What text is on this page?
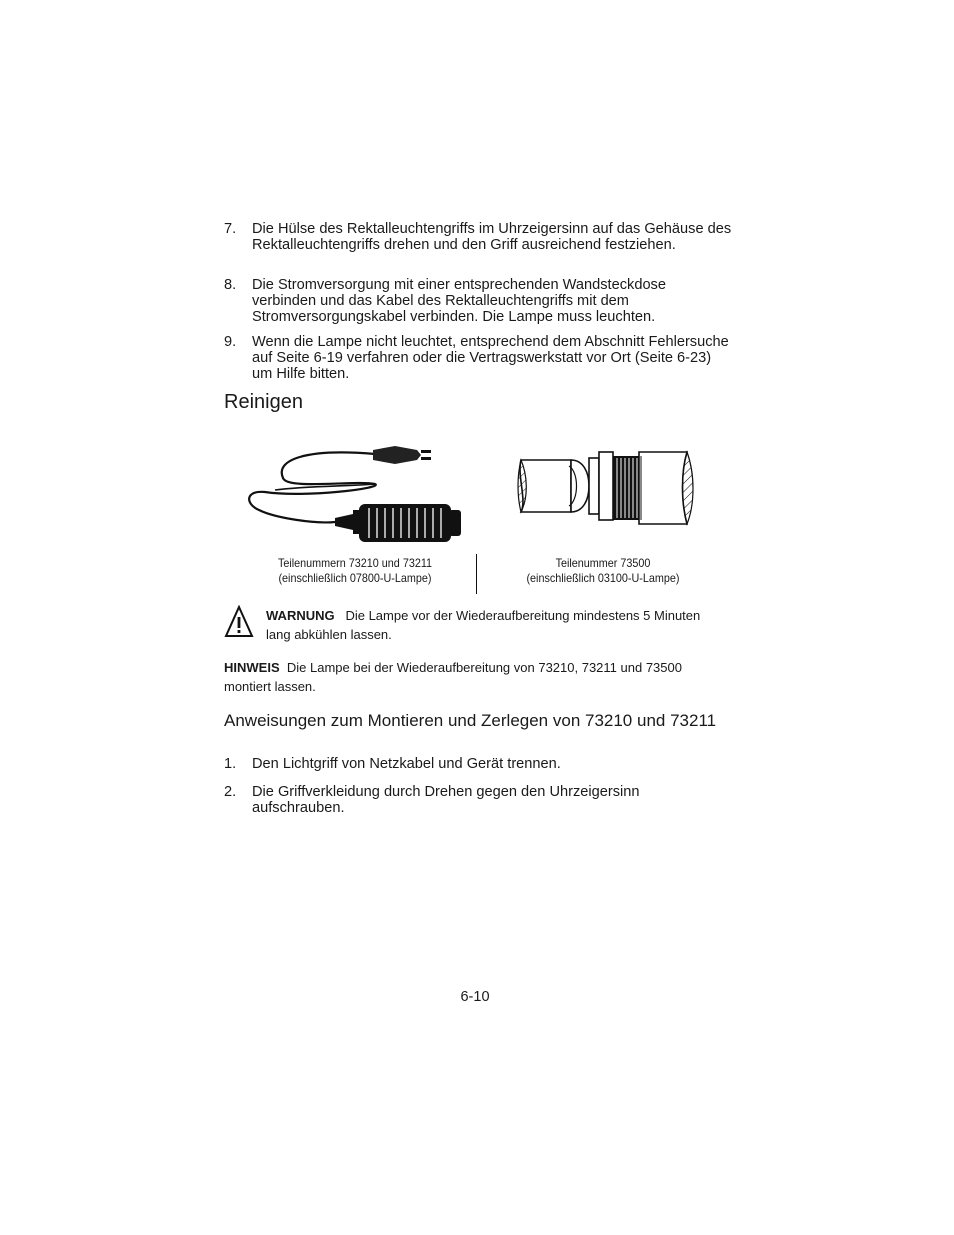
7. Die Hülse des Rektalleuchtengriffs im Uhrzeigersinn auf das Gehäuse des Rektalleuchtengriffs drehen und den Griff ausreichend festziehen.
8. Die Stromversorgung mit einer entsprechenden Wandsteckdose verbinden und das Kabel des Rektalleuchtengriffs mit dem Stromversorgungskabel verbinden. Die Lampe muss leuchten.
9. Wenn die Lampe nicht leuchtet, entsprechend dem Abschnitt Fehlersuche auf Seite 6-19 verfahren oder die Vertragswerkstatt vor Ort (Seite 6-23) um Hilfe bitten.
Reinigen
Teilenummern 73210 und 73211
(einschließlich 07800-U-Lampe)
Teilenummer 73500
(einschließlich 03100-U-Lampe)
WARNUNG Die Lampe vor der Wiederaufbereitung mindestens 5 Minuten lang abkühlen lassen.
HINWEIS Die Lampe bei der Wiederaufbereitung von 73210, 73211 und 73500 montiert lassen.
Anweisungen zum Montieren und Zerlegen von 73210 und 73211
1. Den Lichtgriff von Netzkabel und Gerät trennen.
2. Die Griffverkleidung durch Drehen gegen den Uhrzeigersinn aufschrauben.
6-10
